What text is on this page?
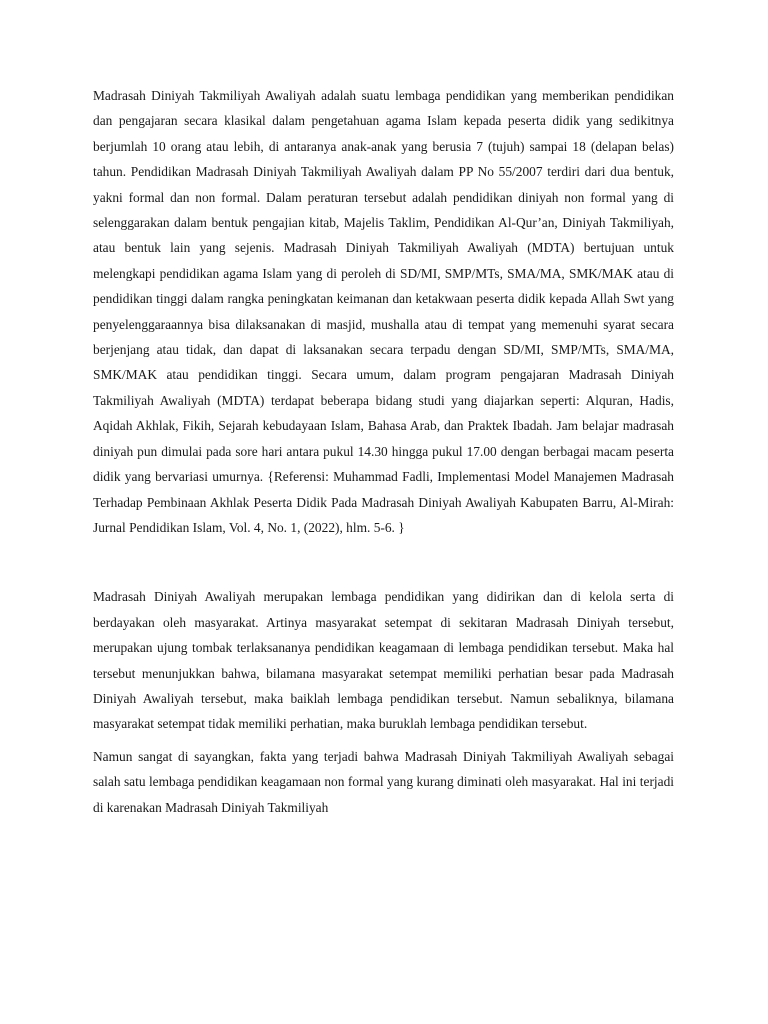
Madrasah Diniyah Takmiliyah Awaliyah adalah suatu lembaga pendidikan yang memberikan pendidikan dan pengajaran secara klasikal dalam pengetahuan agama Islam kepada peserta didik yang sedikitnya berjumlah 10 orang atau lebih, di antaranya anak-anak yang berusia 7 (tujuh) sampai 18 (delapan belas) tahun. Pendidikan Madrasah Diniyah Takmiliyah Awaliyah dalam PP No 55/2007 terdiri dari dua bentuk, yakni formal dan non formal. Dalam peraturan tersebut adalah pendidikan diniyah non formal yang di selenggarakan dalam bentuk pengajian kitab, Majelis Taklim, Pendidikan Al-Qur’an, Diniyah Takmiliyah, atau bentuk lain yang sejenis. Madrasah Diniyah Takmiliyah Awaliyah (MDTA) bertujuan untuk melengkapi pendidikan agama Islam yang di peroleh di SD/MI, SMP/MTs, SMA/MA, SMK/MAK atau di pendidikan tinggi dalam rangka peningkatan keimanan dan ketakwaan peserta didik kepada Allah Swt yang penyelenggaraannya bisa dilaksanakan di masjid, mushalla atau di tempat yang memenuhi syarat secara berjenjang atau tidak, dan dapat di laksanakan secara terpadu dengan SD/MI, SMP/MTs, SMA/MA, SMK/MAK atau pendidikan tinggi. Secara umum, dalam program pengajaran Madrasah Diniyah Takmiliyah Awaliyah (MDTA) terdapat beberapa bidang studi yang diajarkan seperti: Alquran, Hadis, Aqidah Akhlak, Fikih, Sejarah kebudayaan Islam, Bahasa Arab, dan Praktek Ibadah. Jam belajar madrasah diniyah pun dimulai pada sore hari antara pukul 14.30 hingga pukul 17.00 dengan berbagai macam peserta didik yang bervariasi umurnya. {Referensi: Muhammad Fadli, Implementasi Model Manajemen Madrasah Terhadap Pembinaan Akhlak Peserta Didik Pada Madrasah Diniyah Awaliyah Kabupaten Barru, Al-Mirah: Jurnal Pendidikan Islam, Vol. 4, No. 1, (2022), hlm. 5-6. }

Madrasah Diniyah Awaliyah merupakan lembaga pendidikan yang didirikan dan di kelola serta di berdayakan oleh masyarakat. Artinya masyarakat setempat di sekitaran Madrasah Diniyah tersebut, merupakan ujung tombak terlaksananya pendidikan keagamaan di lembaga pendidikan tersebut. Maka hal tersebut menunjukkan bahwa, bilamana masyarakat setempat memiliki perhatian besar pada Madrasah Diniyah Awaliyah tersebut, maka baiklah lembaga pendidikan tersebut. Namun sebaliknya, bilamana masyarakat setempat tidak memiliki perhatian, maka buruklah lembaga pendidikan tersebut.

Namun sangat di sayangkan, fakta yang terjadi bahwa Madrasah Diniyah Takmiliyah Awaliyah sebagai salah satu lembaga pendidikan keagamaan non formal yang kurang diminati oleh masyarakat. Hal ini terjadi di karenakan Madrasah Diniyah Takmiliyah
